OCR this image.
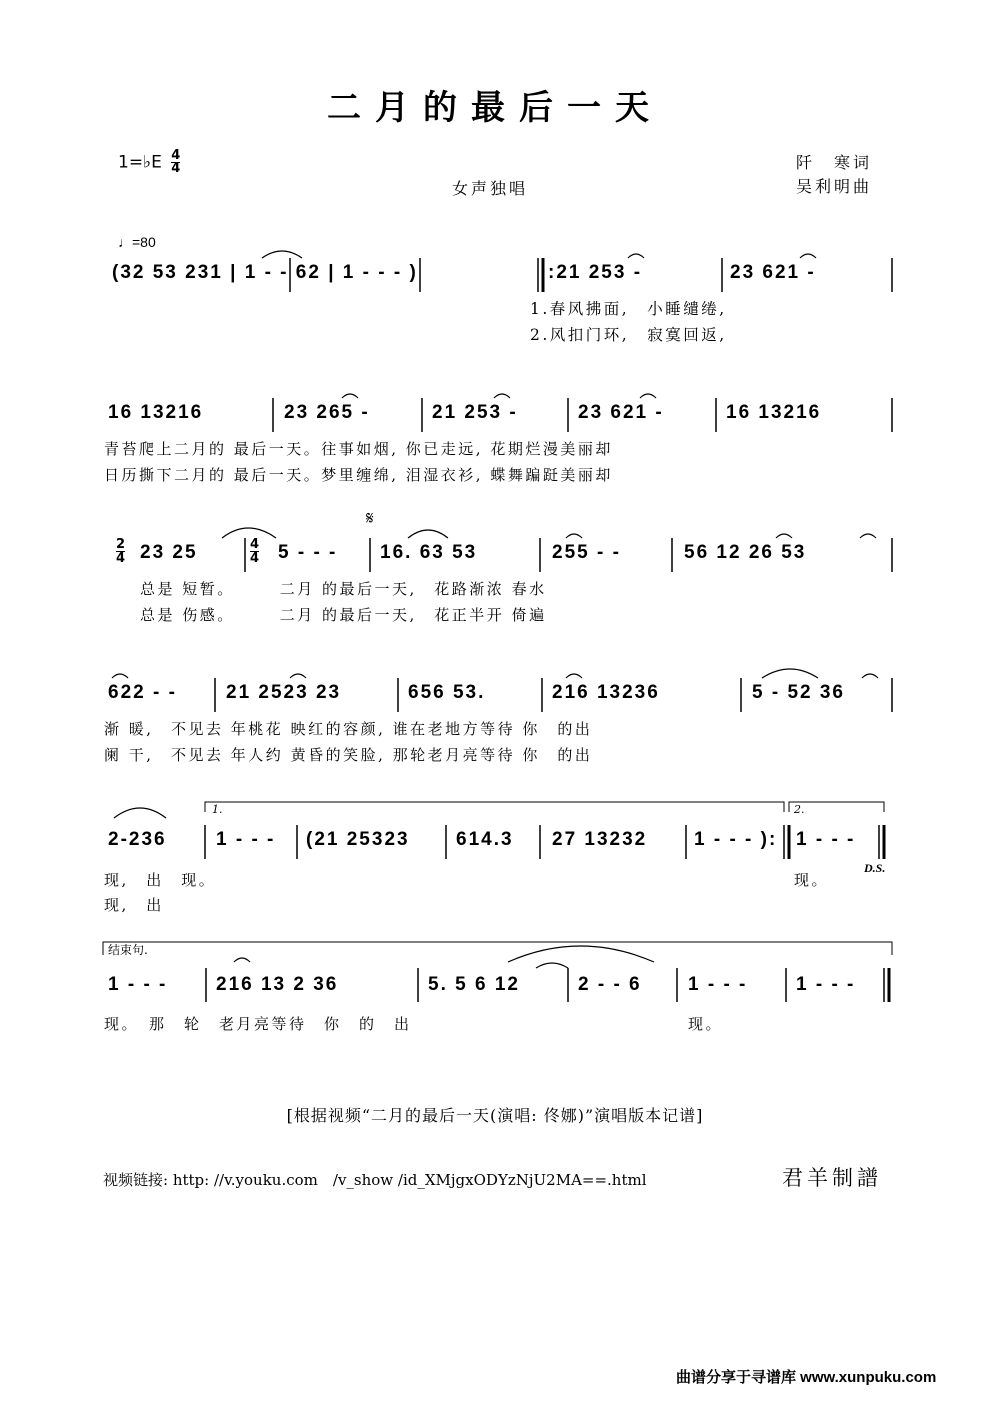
二月的最后一天
1=♭E $\frac{4}{4}$
女声独唱
阡　寒词
吴利明曲
♩=80
(32 53 231 | 1 - - 62 | 1 - - - )	:21 253 -	23 621 -
1.春风拂面,　小睡缱绻,
2.风扣门环,　寂寞回返,
16 13216	23 265 -	21 253 -	23 621 -	16 13216
青苔爬上二月的 最后一天。往事如烟, 你已走远, 花期烂漫美丽却
日历撕下二月的 最后一天。梦里缠绵, 泪湿衣衫, 蝶舞蹁跹美丽却
𝄋
2
4
4
4
23 25	5 - - - 16. 63 53	255 - -	56 12 26 53
总是 短暂。　　　二月 的最后一天,　花路渐浓 春水
总是 伤感。　　　二月 的最后一天,　花正半开 倚遍
622 - -	21 2523 23	656 53.	216 13236	5 - 52 36
渐 暖,　不见去 年桃花 映红的容颜, 谁在老地方等待 你　的出
阑 干,　不见去 年人约 黄昏的笑脸, 那轮老月亮等待 你　的出
1.	2.
2-236	1 - - - (21 25323 614.3 27 13232 1 - - - ): 1 - - -
D.S.
现,　出　现。
现,　出
现。
结束句.
1 - - -	216 13 2 36	5. 5 6 12	2 - - 6 1 - - -	1 - - -
现。　那　轮　老月亮等待　你　的　出	现。
[根据视频“二月的最后一天(演唱: 佟娜)”演唱版本记谱]
视频链接: http: //v.youku.com　/v_show /id_XMjgxODYzNjU2MA==.html	君羊制譜
曲谱分享于寻谱库 www.xunpuku.com
